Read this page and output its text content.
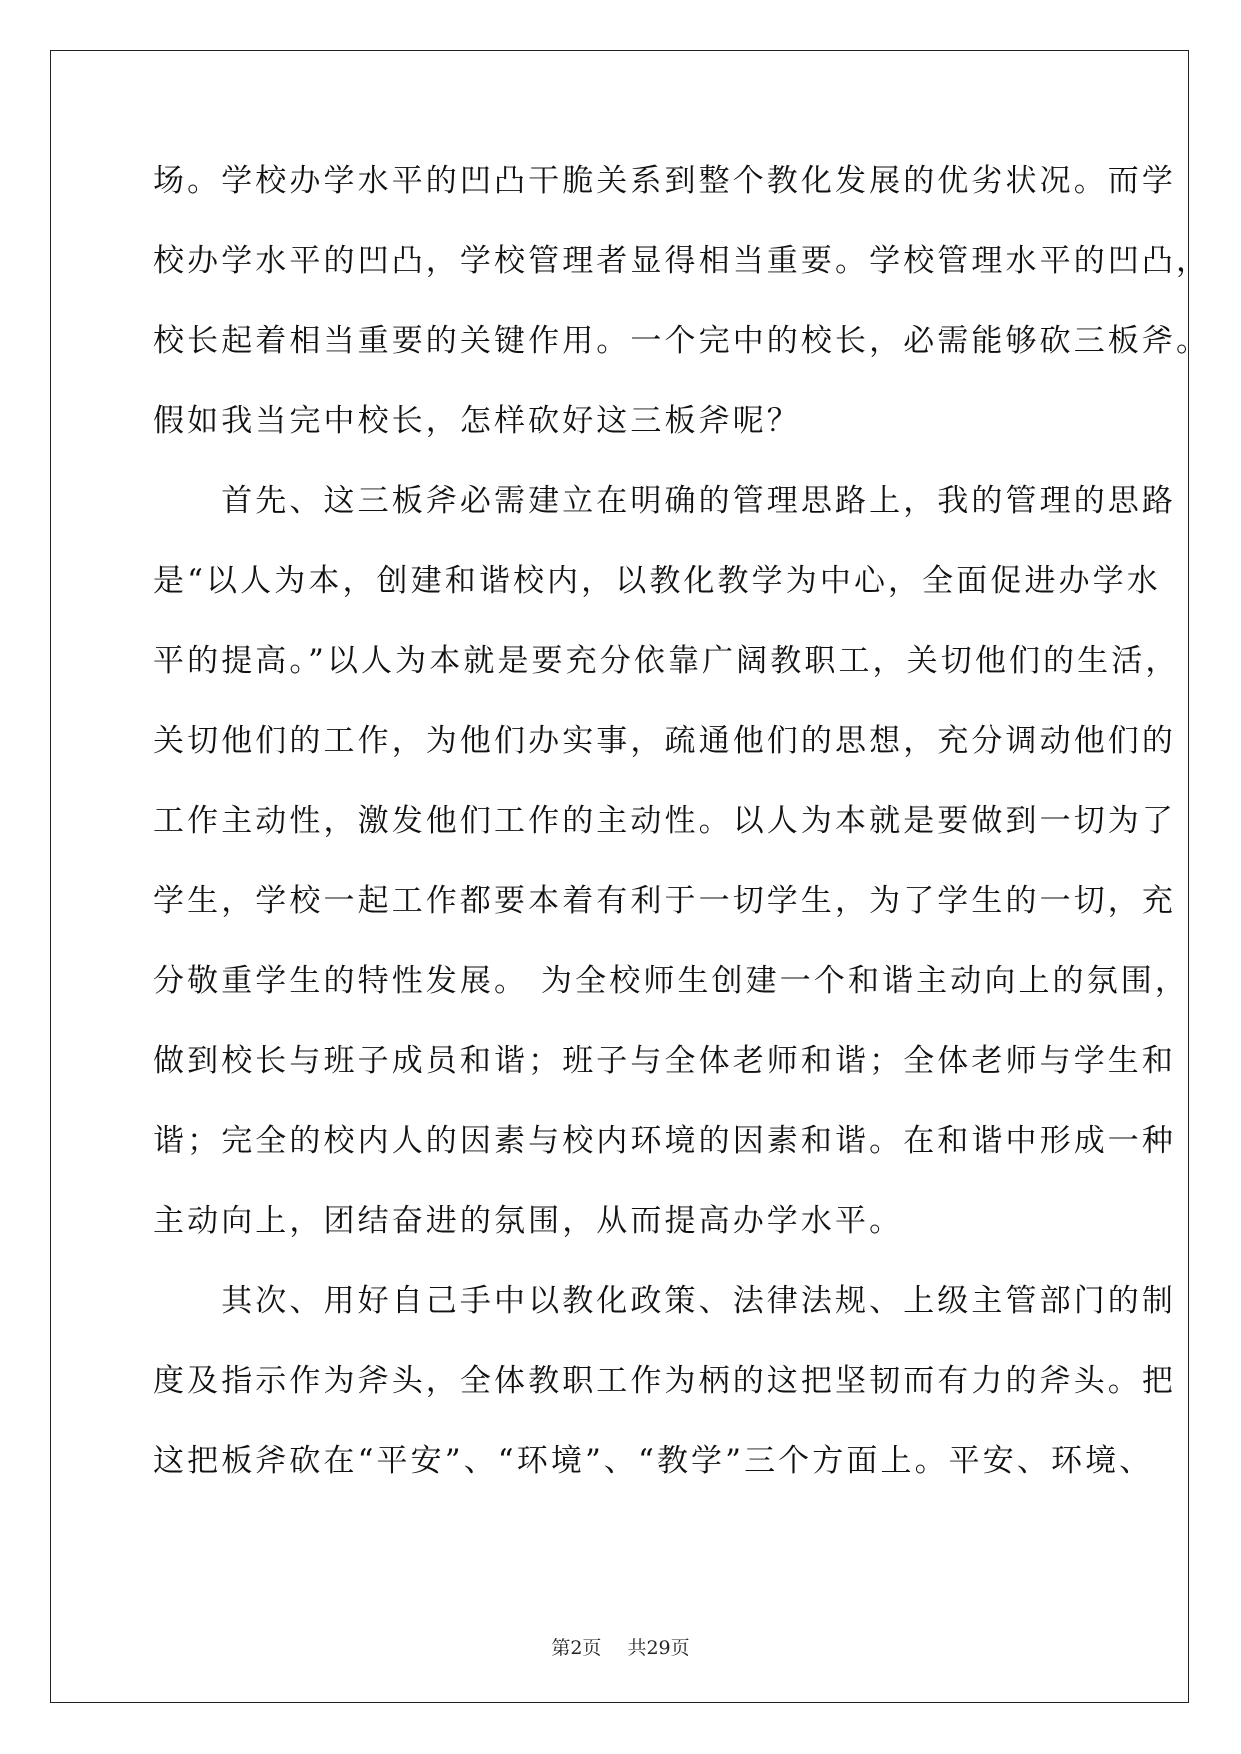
场。学校办学水平的凹凸干脆关系到整个教化发展的优劣状况。而学
校办学水平的凹凸，学校管理者显得相当重要。学校管理水平的凹凸，
校长起着相当重要的关键作用。一个完中的校长，必需能够砍三板斧。
假如我当完中校长，怎样砍好这三板斧呢？
　　首先、这三板斧必需建立在明确的管理思路上，我的管理的思路
是“以人为本，创建和谐校内，以教化教学为中心，全面促进办学水
平的提高。”以人为本就是要充分依靠广阔教职工，关切他们的生活，
关切他们的工作，为他们办实事，疏通他们的思想，充分调动他们的
工作主动性，激发他们工作的主动性。以人为本就是要做到一切为了
学生，学校一起工作都要本着有利于一切学生，为了学生的一切，充
分敬重学生的特性发展。 为全校师生创建一个和谐主动向上的氛围，
做到校长与班子成员和谐；班子与全体老师和谐；全体老师与学生和
谐；完全的校内人的因素与校内环境的因素和谐。在和谐中形成一种
主动向上，团结奋进的氛围，从而提高办学水平。
　　其次、用好自己手中以教化政策、法律法规、上级主管部门的制
度及指示作为斧头，全体教职工作为柄的这把坚韧而有力的斧头。把
这把板斧砍在“平安”、“环境”、“教学”三个方面上。平安、环境、
第2页 共29页
